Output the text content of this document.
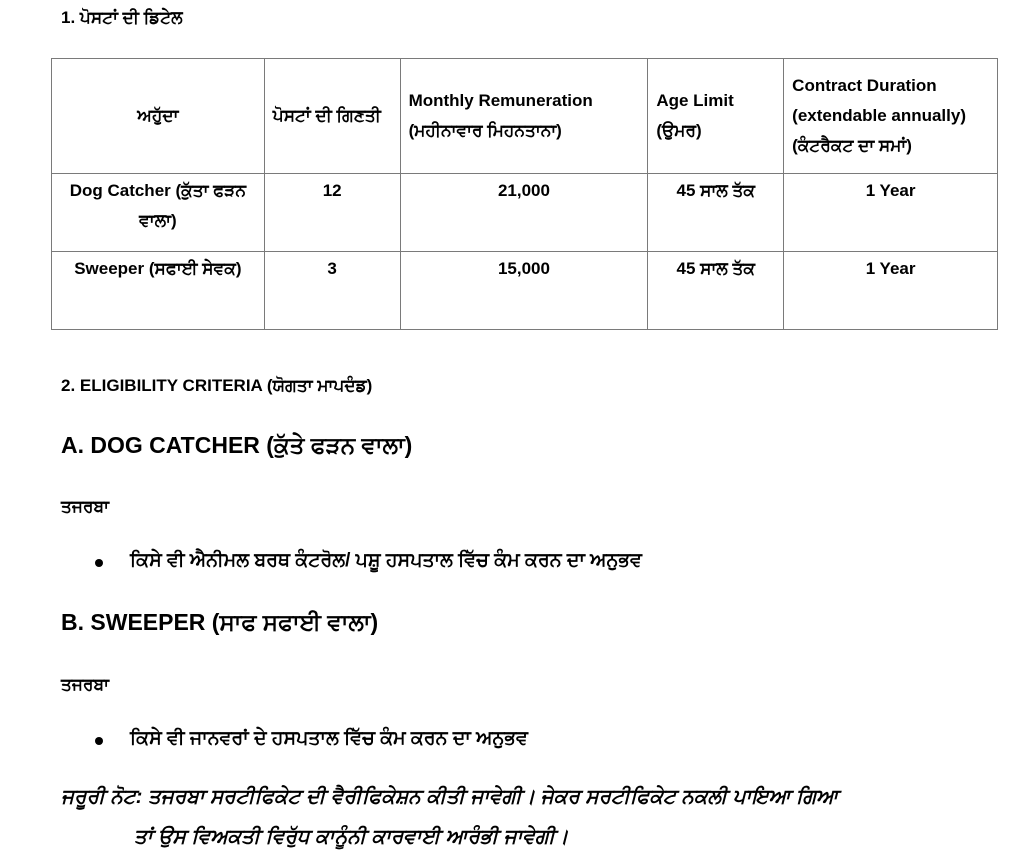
1. ਪੋਸਟਾਂ ਦੀ ਡਿਟੇਲ
ਅਹੁੱਦਾ	ਪੋਸਟਾਂ ਦੀ ਗਿਣਤੀ	Monthly Remuneration (ਮਹੀਨਾਵਾਰ ਮਿਹਨਤਾਨਾ)	Age Limit (ਉਮਰ)	Contract Duration (extendable annually) (ਕੰਟਰੈਕਟ ਦਾ ਸਮਾਂ)
Dog Catcher (ਕੁੱਤਾ ਫੜਨ ਵਾਲਾ)	12	21,000	45 ਸਾਲ ਤੱਕ	1 Year
Sweeper (ਸਫਾਈ ਸੇਵਕ)	3	15,000	45 ਸਾਲ ਤੱਕ	1 Year
2. ELIGIBILITY CRITERIA (ਯੋਗਤਾ ਮਾਪਦੰਡ)
A. DOG CATCHER (ਕੁੱਤੇ ਫੜਨ ਵਾਲਾ)
ਤਜਰਬਾ
ਕਿਸੇ ਵੀ ਐਨੀਮਲ ਬਰਥ ਕੰਟਰੋਲ/ ਪਸ਼ੂ ਹਸਪਤਾਲ ਵਿੱਚ ਕੰਮ ਕਰਨ ਦਾ ਅਨੁਭਵ
B. SWEEPER (ਸਾਫ ਸਫਾਈ ਵਾਲਾ)
ਤਜਰਬਾ
ਕਿਸੇ ਵੀ ਜਾਨਵਰਾਂ ਦੇ ਹਸਪਤਾਲ ਵਿੱਚ ਕੰਮ ਕਰਨ ਦਾ ਅਨੁਭਵ
ਜਰੂਰੀ ਨੋਟ: ਤਜਰਬਾ ਸਰਟੀਫਿਕੇਟ ਦੀ ਵੈਰੀਫਿਕੇਸ਼ਨ ਕੀਤੀ ਜਾਵੇਗੀ। ਜੇਕਰ ਸਰਟੀਫਿਕੇਟ ਨਕਲੀ ਪਾਇਆ ਗਿਆ
ਤਾਂ ਉਸ ਵਿਅਕਤੀ ਵਿਰੁੱਧ ਕਾਨੂੰਨੀ ਕਾਰਵਾਈ ਆਰੰਭੀ ਜਾਵੇਗੀ।
